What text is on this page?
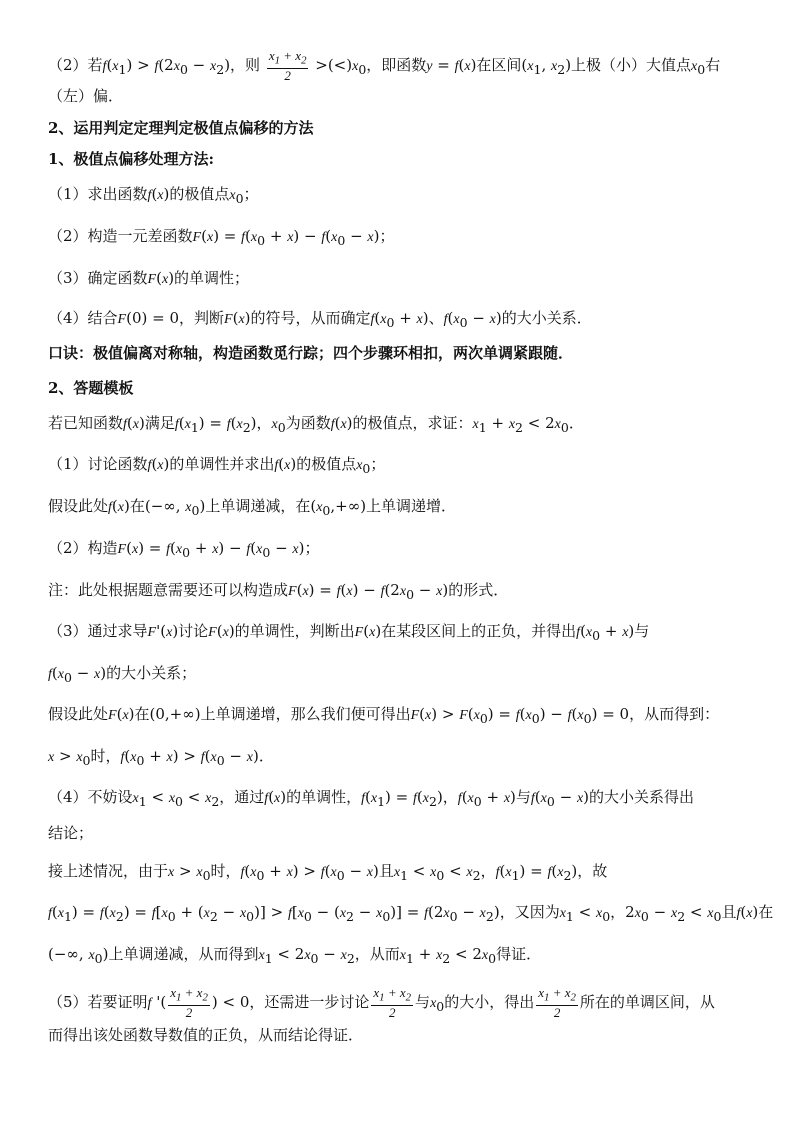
（2）若$f(x_1) > f(2x_0 - x_2)$，则 $\frac{x_1 + x_2}{2} >(<)x_0$，即函数y = f(x)在区间($x_1$, $x_2$)上极（小）大值点$x_0$右
（左）偏．
2、运用判定定理判定极值点偏移的方法
1、极值点偏移处理方法:
（1）求出函数f(x)的极值点$x_0$；
（2）构造一元差函数$F(x) = f(x_0 + x) - f(x_0 - x)$；
（3）确定函数F(x)的单调性；
（4）结合F(0) = 0，判断F(x)的符号，从而确定$f(x_0 + x)$、$f(x_0 - x)$的大小关系．
口诀：极值偏离对称轴，构造函数觅行踪；四个步骤环相扣，两次单调紧跟随．
2、答题模板
若已知函数f(x)满足$f(x_1) = f(x_2)$，$x_0$为函数f(x)的极值点，求证：$x_1 + x_2 < 2x_0$．
（1）讨论函数f(x)的单调性并求出f(x)的极值点$x_0$；
假设此处f(x)在(−∞, $x_0$)上单调递减，在$(x_0,+\infty)$上单调递增．
（2）构造$F(x) = f(x_0 + x) - f(x_0 - x)$；
注：此处根据题意需要还可以构造成$F(x) = f(x) - f(2x_0 - x)$的形式．
（3）通过求导F'(x)讨论F(x)的单调性，判断出F(x)在某段区间上的正负，并得出$f(x_0 + x)$与
$f(x_0 - x)$的大小关系；
假设此处F(x)在(0,+∞)上单调递增，那么我们便可得出$F(x) > F(x_0) = f(x_0) - f(x_0) = 0$，从而得到：
$x > x_0$时，$f(x_0 + x) > f(x_0 - x)$．
（4）不妨设$x_1 < x_0 < x_2$，通过f(x)的单调性，$f(x_1) = f(x_2)$，$f(x_0 + x)$与$f(x_0 - x)$的大小关系得出
结论；
接上述情况，由于$x > x_0$时，$f(x_0 + x) > f(x_0 - x)$且$x_1 < x_0 < x_2$，$f(x_1) = f(x_2)$，故
$f(x_1) = f(x_2) = f[x_0 + (x_2 - x_0)] > f[x_0 - (x_2 - x_0)] = f(2x_0 - x_2)$，又因为$x_1 < x_0$，$2x_0 - x_2 < x_0$且f(x)在
(−∞, $x_0$)上单调递减，从而得到$x_1 < 2x_0 - x_2$，从而$x_1 + x_2 < 2x_0$得证．
（5）若要证明f '( $\frac{x_1 + x_2}{2}$ ) < 0，还需进一步讨论 $\frac{x_1 + x_2}{2}$ 与$x_0$的大小，得出 $\frac{x_1 + x_2}{2}$ 所在的单调区间，从
而得出该处函数导数值的正负，从而结论得证．
